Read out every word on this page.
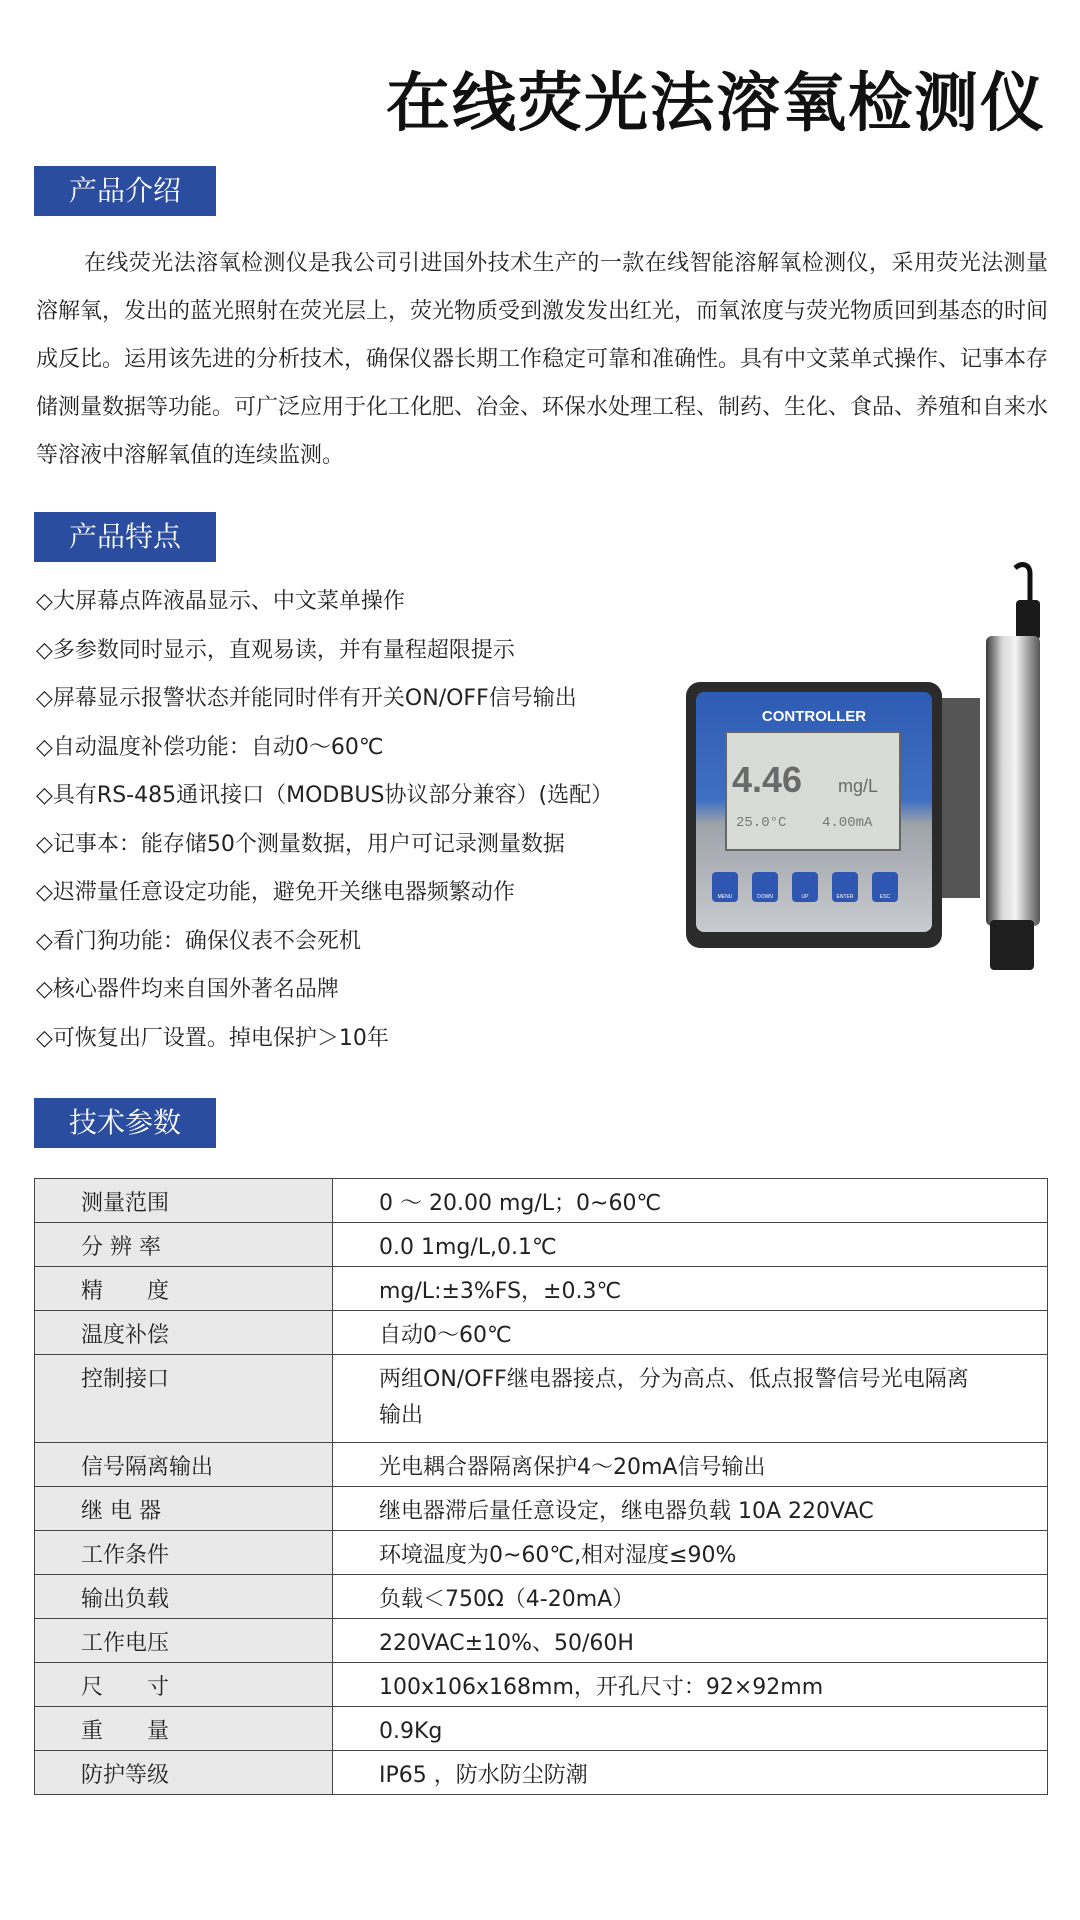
在线荧光法溶氧检测仪
产品介绍
在线荧光法溶氧检测仪是我公司引进国外技术生产的一款在线智能溶解氧检测仪，采用荧光法测量溶解氧，发出的蓝光照射在荧光层上，荧光物质受到激发发出红光，而氧浓度与荧光物质回到基态的时间成反比。运用该先进的分析技术，确保仪器长期工作稳定可靠和准确性。具有中文菜单式操作、记事本存储测量数据等功能。可广泛应用于化工化肥、冶金、环保水处理工程、制药、生化、食品、养殖和自来水等溶液中溶解氧值的连续监测。
产品特点
◇大屏幕点阵液晶显示、中文菜单操作
◇多参数同时显示，直观易读，并有量程超限提示
◇屏幕显示报警状态并能同时伴有开关ON/OFF信号输出
◇自动温度补偿功能：自动0～60℃
◇具有RS-485通讯接口（MODBUS协议部分兼容）(选配）
◇记事本：能存储50个测量数据，用户可记录测量数据
◇迟滞量任意设定功能，避免开关继电器频繁动作
◇看门狗功能：确保仪表不会死机
◇核心器件均来自国外著名品牌
◇可恢复出厂设置。掉电保护＞10年
CONTROLLER
4.46 mg/L
25.0°C	4.00mA
MENU	DOWN	UP	ENTER	ESC
技术参数
测量范围	0 ～ 20.00 mg/L；0~60℃
分 辨 率	0.0 1mg/L,0.1℃
精　　度	mg/L:±3%FS，±0.3℃
温度补偿	自动0～60℃
控制接口	两组ON/OFF继电器接点，分为高点、低点报警信号光电隔离输出
信号隔离输出	光电耦合器隔离保护4～20mA信号输出
继 电 器	继电器滞后量任意设定，继电器负载 10A 220VAC
工作条件	环境温度为0~60℃,相对湿度≤90%
输出负载	负载＜750Ω（4-20mA）
工作电压	220VAC±10%、50/60H
尺　　寸	100x106x168mm，开孔尺寸：92×92mm
重　　量	0.9Kg
防护等级	IP65 ，防水防尘防潮
